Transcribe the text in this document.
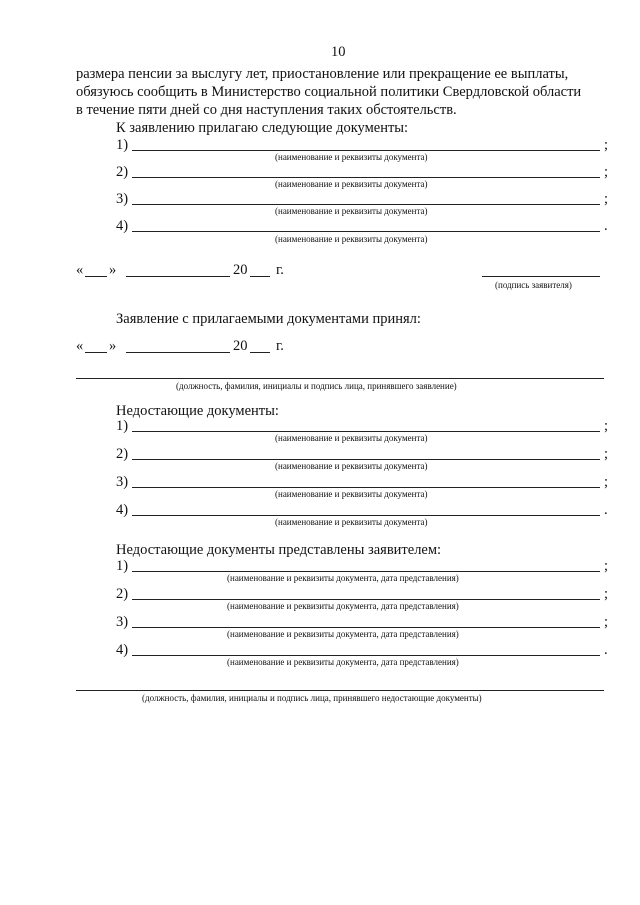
10
размера пенсии за выслугу лет, приостановление или прекращение ее выплаты,
обязуюсь сообщить в Министерство социальной политики Свердловской области
в течение пяти дней со дня наступления таких обстоятельств.
К заявлению прилагаю следующие документы:
1)	;
(наименование и реквизиты документа)
2)	;
(наименование и реквизиты документа)
3)	;
(наименование и реквизиты документа)
4)	.
(наименование и реквизиты документа)
« »	20 г.
(подпись заявителя)
Заявление с прилагаемыми документами принял:
« »	20 г.
(должность, фамилия, инициалы и подпись лица, принявшего заявление)
Недостающие документы:
1)	;
(наименование и реквизиты документа)
2)	;
(наименование и реквизиты документа)
3)	;
(наименование и реквизиты документа)
4)	.
(наименование и реквизиты документа)
Недостающие документы представлены заявителем:
1)	;
(наименование и реквизиты документа, дата представления)
2)	;
(наименование и реквизиты документа, дата представления)
3)	;
(наименование и реквизиты документа, дата представления)
4)	.
(наименование и реквизиты документа, дата представления)
(должность, фамилия, инициалы и подпись лица, принявшего недостающие документы)
